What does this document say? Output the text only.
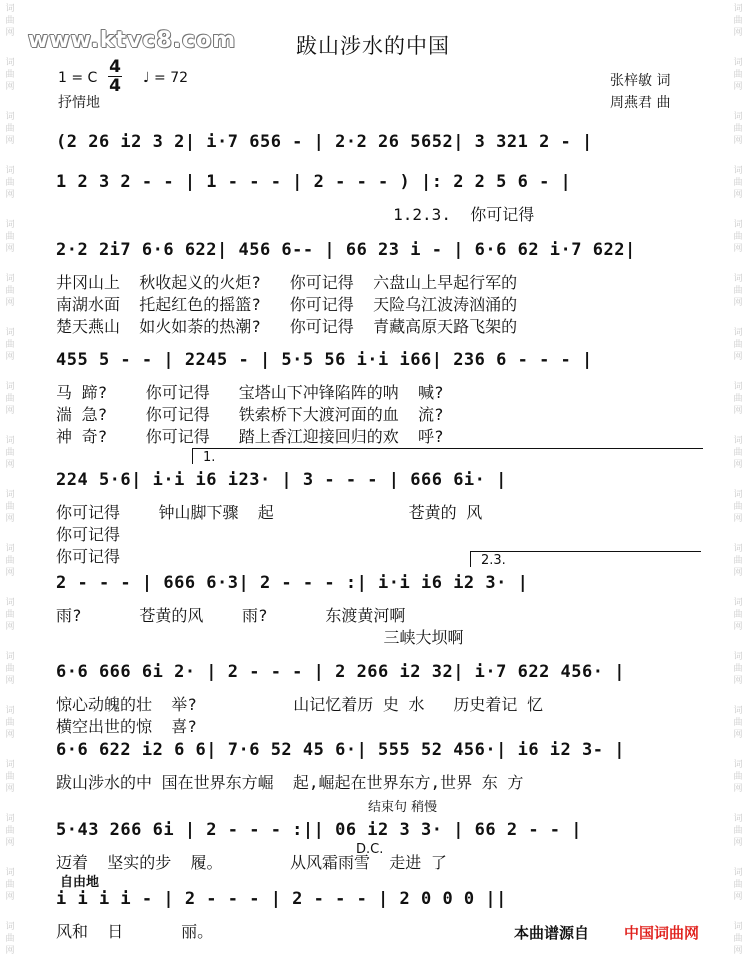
词
曲
网
词
曲
网
词
曲
网
词
曲
网
词
曲
网
词
曲
网
词
曲
网
词
曲
网
词
曲
网
词
曲
网
词
曲
网
词
曲
网
词
曲
网
词
曲
网
词
曲
网
词
曲
网
词
曲
网
词
曲
网
词
曲
网
词
曲
网
词
曲
网
词
曲
网
词
曲
网
词
曲
网
词
曲
网
词
曲
网
词
曲
网
词
曲
网
词
曲
网
词
曲
网
词
曲
网
词
曲
网
词
曲
网
词
曲
网
词
曲
网
词
曲
网
www.ktvc8.com	跋山涉水的中国
1 = C
4
4 ♩ = 72
抒情地
张梓敏 词
周燕君 曲
(2 26 i2 3 2| i·7 656 - | 2·2 26 5652| 3 321 2 - |
1 2 3 2 - - | 1 - - - | 2 - - - ) |: 2 2 5 6 - |
1.2.3.  你可记得
2·2 2i7 6·6 622| 456 6-- | 66 23 i - | 6·6 62 i·7 622|
井冈山上  秋收起义的火炬?   你可记得  六盘山上早起行军的
南湖水面  托起红色的摇篮?   你可记得  天险乌江波涛汹涌的
楚天燕山  如火如荼的热潮?   你可记得  青藏高原天路飞架的
455 5 - - | 2245 - | 5·5 56 i·i i66| 236 6 - - - |
马 蹄?    你可记得   宝塔山下冲锋陷阵的呐  喊?
湍 急?    你可记得   铁索桥下大渡河面的血  流?
神 奇?    你可记得   踏上香江迎接回归的欢  呼?
224 5·6| i·i i6 i23· | 3 - - - | 666 6i· |
1.
你可记得    钟山脚下骤  起              苍黄的 风
你可记得
你可记得
2 - - - | 666 6·3| 2 - - - :| i·i i6 i2 3· |
2.3.
雨?      苍黄的风    雨?      东渡黄河啊
三峡大坝啊
6·6 666 6i 2· | 2 - - - | 2 266 i2 32| i·7 622 456· |
惊心动魄的壮  举?          山记忆着历 史 水   历史着记 忆
横空出世的惊  喜?
6·6 622 i2 6 6| 7·6 52 45 6·| 555 52 456·| i6 i2 3- |
跋山涉水的中 国在世界东方崛  起,崛起在世界东方,世界 东 方
5·43 266 6i | 2 - - - :|| 06 i2 3 3· | 66 2 - - |
结束句 稍慢
D.C.
迈着  坚实的步  履。       从风霜雨雪  走进 了
i i i i - | 2 - - - | 2 - - - | 2 0 0 0 ||
自由地
风和  日      丽。	本曲谱源自 中国词曲网
